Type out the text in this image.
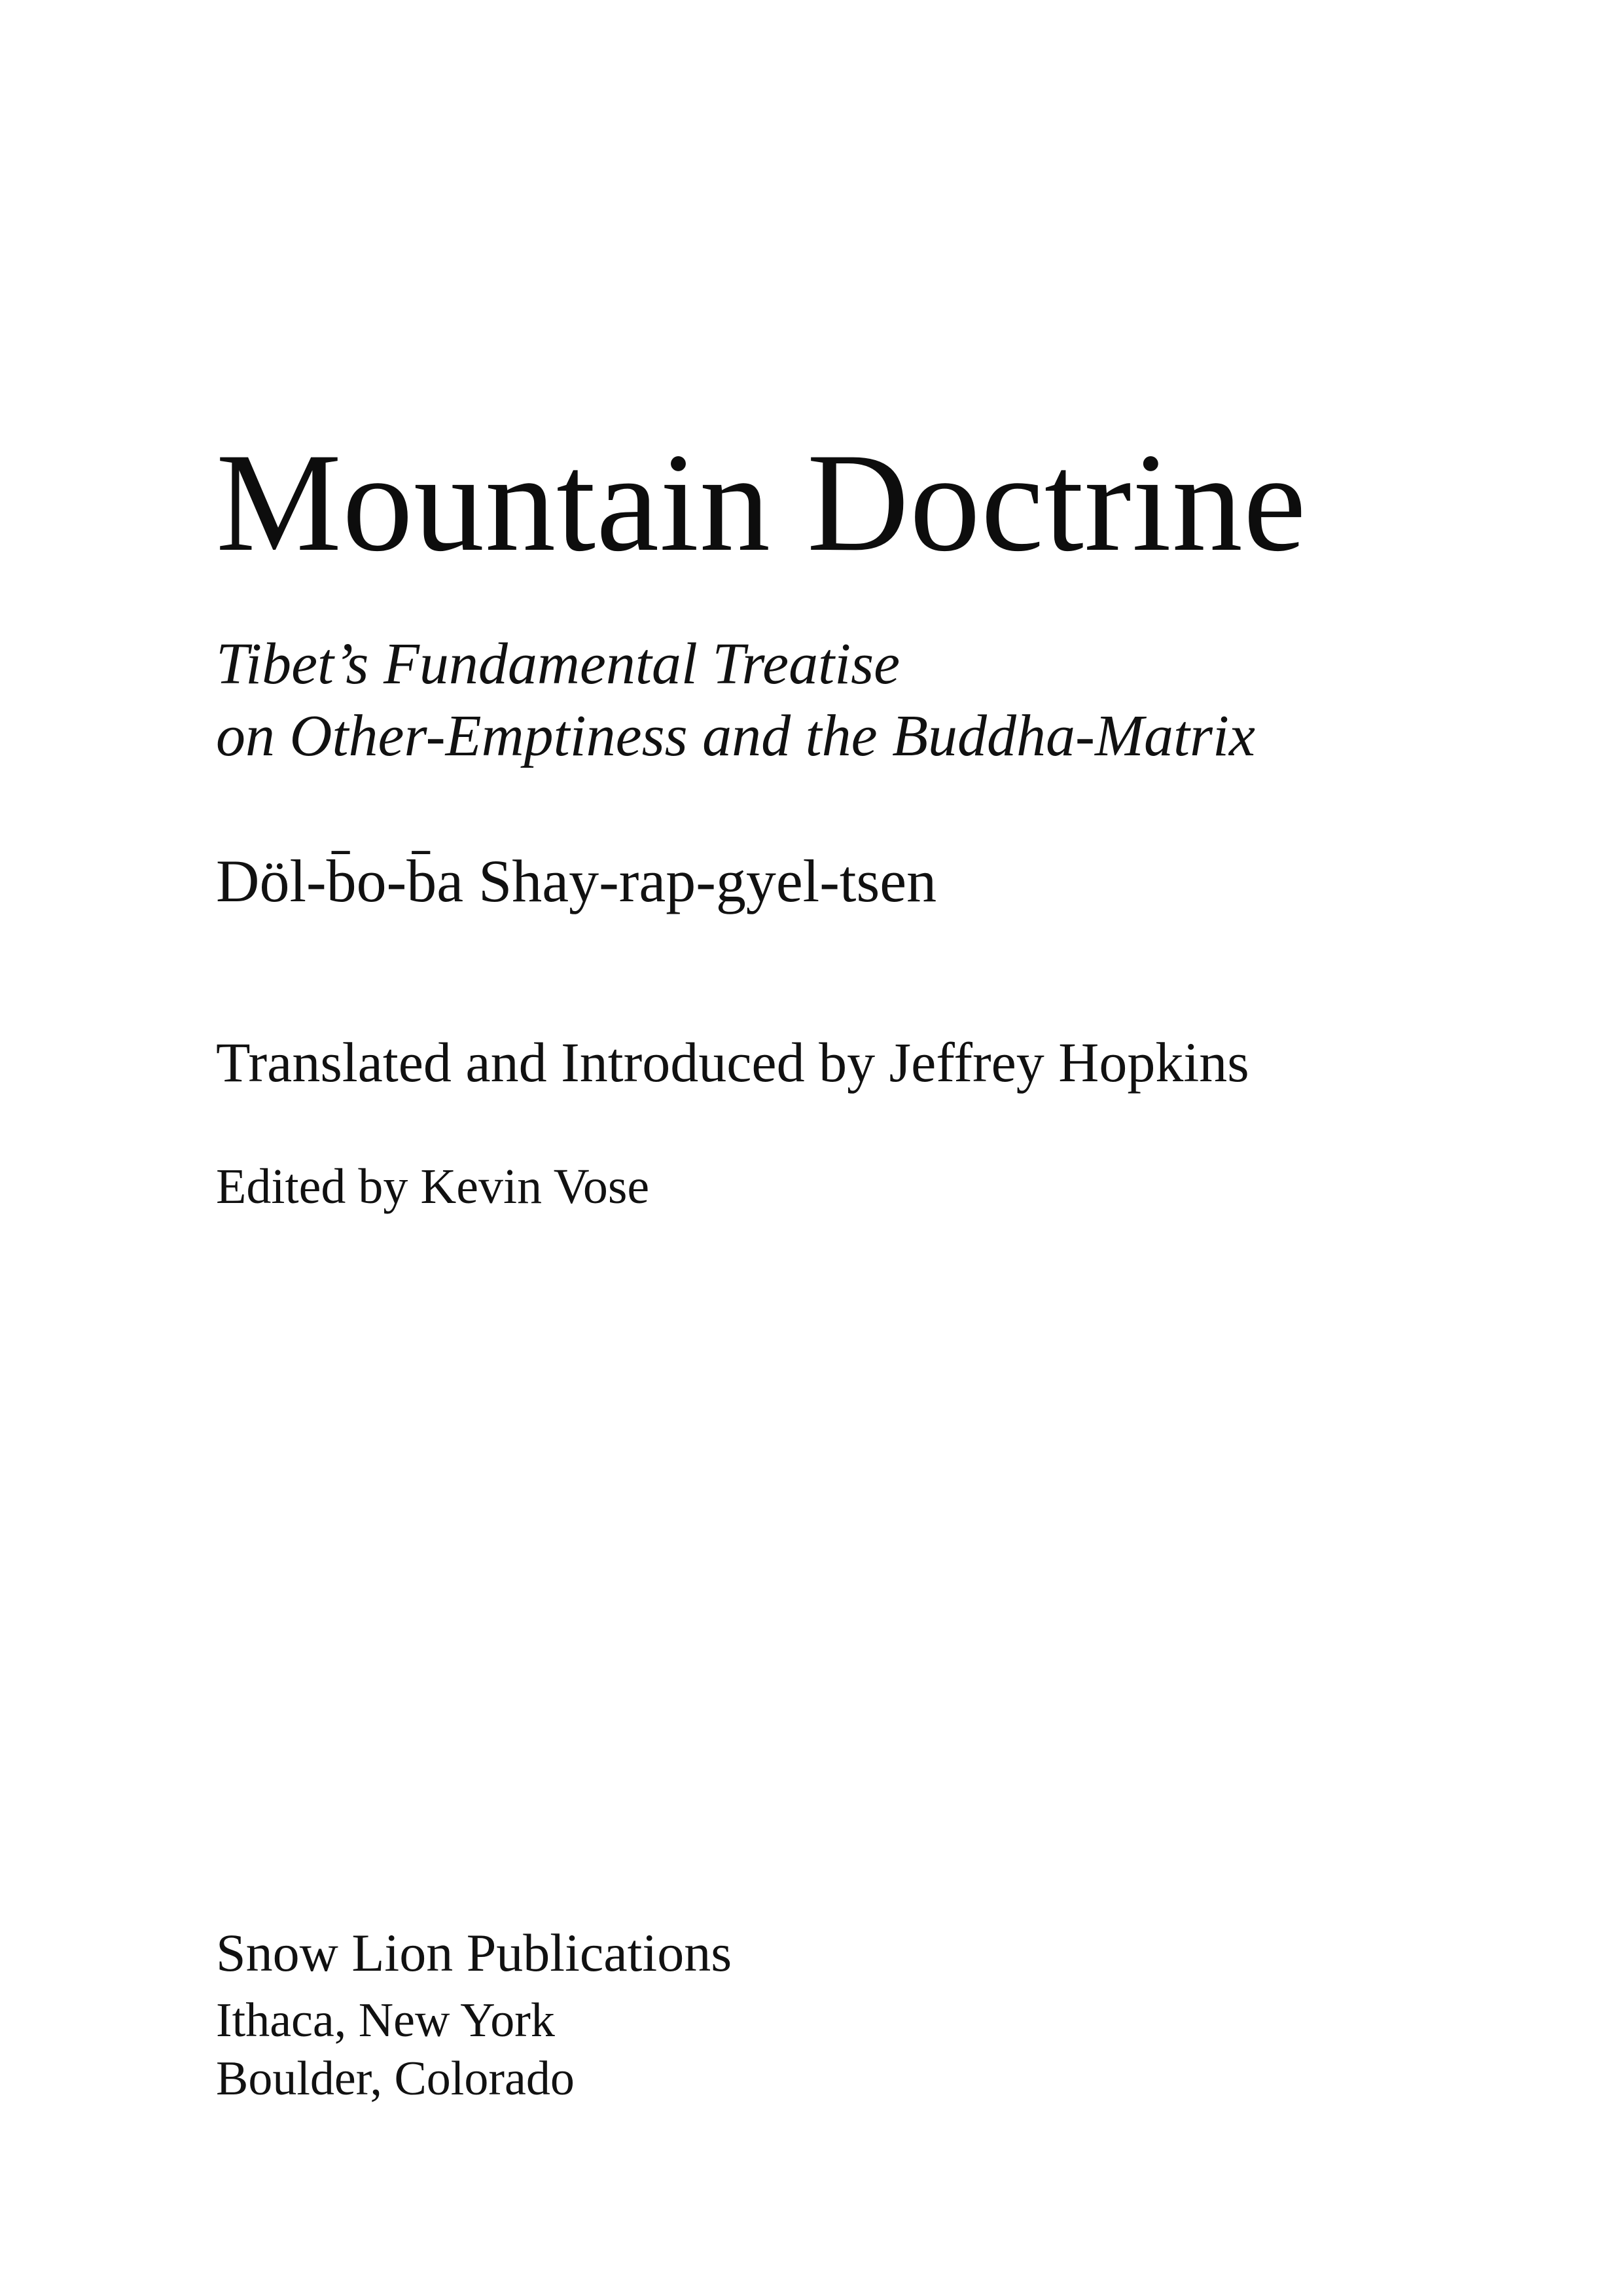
Mountain Doctrine
Tibet’s Fundamental Treatise
on Other-Emptiness and the Buddha-Matrix
Döl-b̄o-b̄a Shay-rap-gyel-tsen
Translated and Introduced by Jeffrey Hopkins
Edited by Kevin Vose
Snow Lion Publications
Ithaca, New York
Boulder, Colorado
